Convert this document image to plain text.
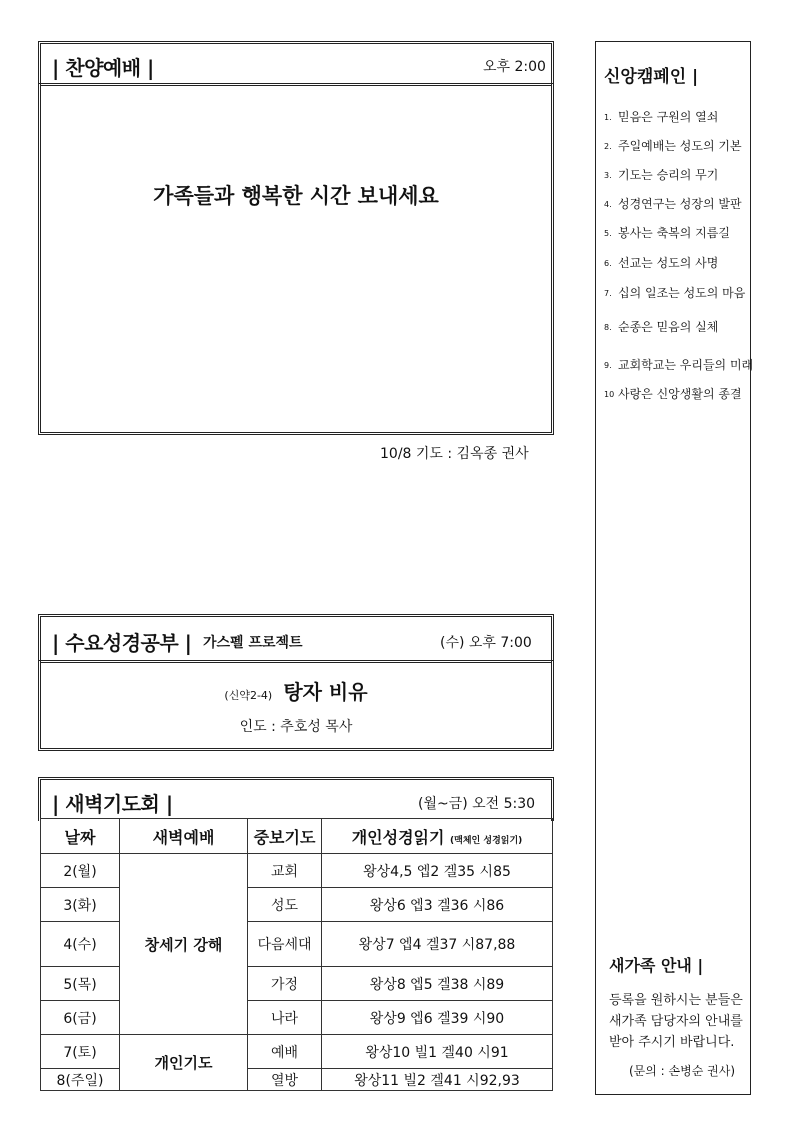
| 찬양예배 |	오후 2:00
가족들과 행복한 시간 보내세요
10/8 기도 : 김옥종 권사
신앙캠페인 |
1. 믿음은 구원의 열쇠
2. 주일예배는 성도의 기본
3. 기도는 승리의 무기
4. 성경연구는 성장의 발판
5. 봉사는 축복의 지름길
6. 선교는 성도의 사명
7. 십의 일조는 성도의 마음
8. 순종은 믿음의 실체
9. 교회학교는 우리들의 미래
10 사랑은 신앙생활의 종결
새가족 안내 |
등록을 원하시는 분들은
새가족 담당자의 안내를
받아 주시기 바랍니다.
(문의 : 손병순 권사)
| 수요성경공부 | 가스펠 프로젝트	(수) 오후 7:00
(신약2-4) 탕자 비유
인도 : 추호성 목사
| 새벽기도회 |	(월~금) 오전 5:30
날짜	새벽예배	중보기도	개인성경읽기 (맥체인 성경읽기)
2(월)	창세기 강해	교회	왕상4,5 엡2 겔35 시85
3(화)		성도	왕상6 엡3 겔36 시86
4(수)		다음세대	왕상7 엡4 겔37 시87,88
5(목)		가정	왕상8 엡5 겔38 시89
6(금)		나라	왕상9 엡6 겔39 시90
7(토)	개인기도	예배	왕상10 빌1 겔40 시91
8(주일)		열방	왕상11 빌2 겔41 시92,93
